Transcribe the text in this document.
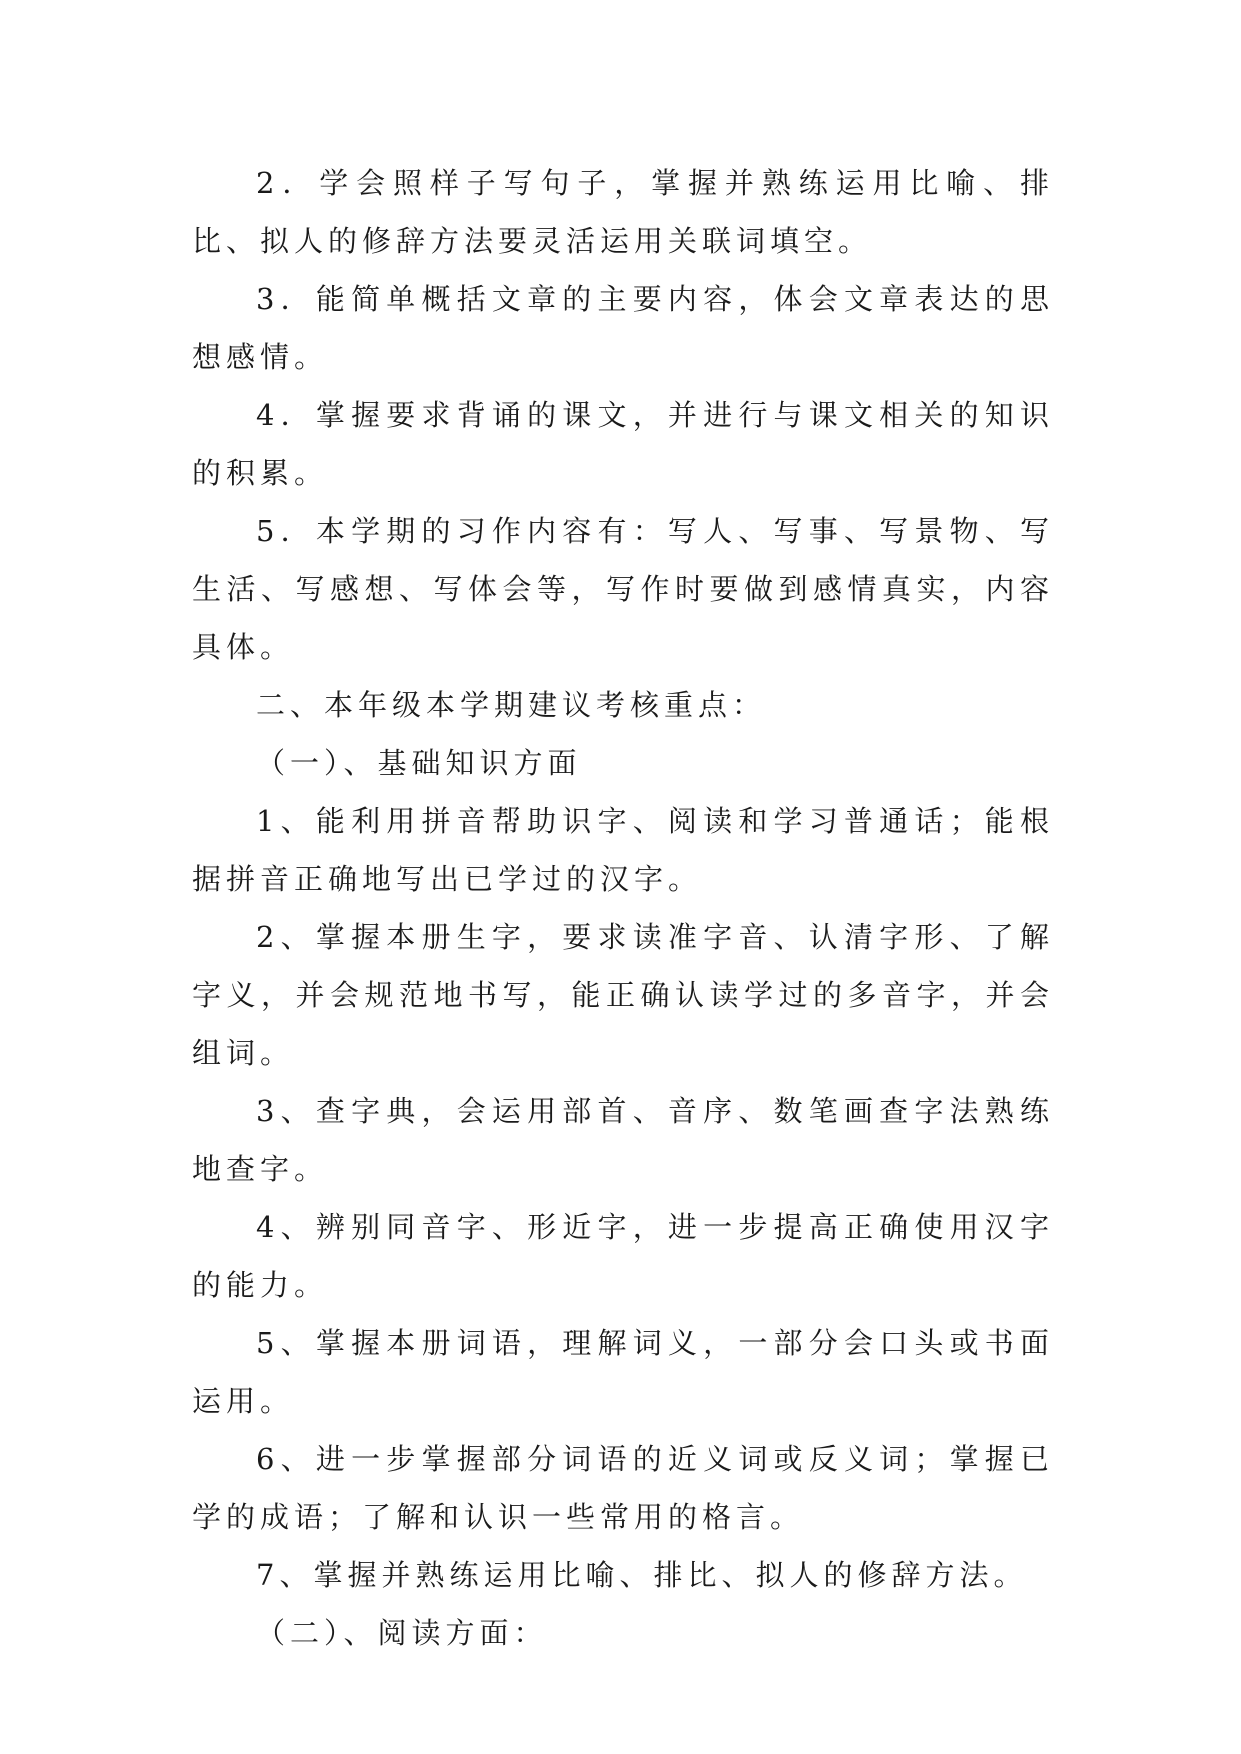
2．学会照样子写句子，掌握并熟练运用比喻、排比、拟人的修辞方法要灵活运用关联词填空。

3．能简单概括文章的主要内容，体会文章表达的思想感情。

4．掌握要求背诵的课文，并进行与课文相关的知识的积累。

5．本学期的习作内容有：写人、写事、写景物、写生活、写感想、写体会等，写作时要做到感情真实，内容具体。

二、本年级本学期建议考核重点：

（一）、基础知识方面

1、能利用拼音帮助识字、阅读和学习普通话；能根据拼音正确地写出已学过的汉字。

2、掌握本册生字，要求读准字音、认清字形、了解字义，并会规范地书写，能正确认读学过的多音字，并会组词。

3、查字典，会运用部首、音序、数笔画查字法熟练地查字。

4、辨别同音字、形近字，进一步提高正确使用汉字的能力。

5、掌握本册词语，理解词义，一部分会口头或书面运用。

6、进一步掌握部分词语的近义词或反义词；掌握已学的成语；了解和认识一些常用的格言。

7、掌握并熟练运用比喻、排比、拟人的修辞方法。

（二）、阅读方面：
